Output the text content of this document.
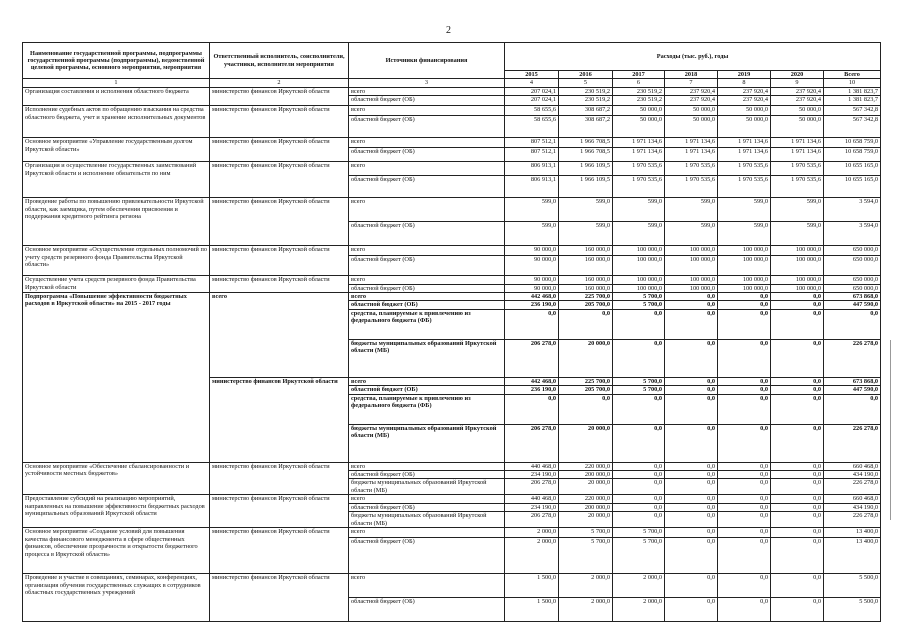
2
Наименование государственной программы, подпрограммы государственной программы (подпрограммы), ведомственной целевой программы, основного мероприятия, мероприятия	Ответственный исполнитель, соисполнители, участники, исполнители мероприятия	Источники финансирования	Расходы (тыс. руб.), годы						
			2015	2016	2017	2018	2019	2020	Всего
1	2	3	4	5	6	7	8	9	10
Организация составления и исполнения областного бюджета	министерство финансов Иркутской области	всего	207 024,1	230 519,2	230 519,2	237 920,4	237 920,4	237 920,4	1 381 823,7
		областной бюджет (ОБ)	207 024,1	230 519,2	230 519,2	237 920,4	237 920,4	237 920,4	1 381 823,7
Исполнение судебных актов по обращению взыскания на средства областного бюджета, учет и хранение исполнительных документов	министерство финансов Иркутской области	всего	58 655,6	308 687,2	50 000,0	50 000,0	50 000,0	50 000,0	567 342,8
		областной бюджет (ОБ)	58 655,6	308 687,2	50 000,0	50 000,0	50 000,0	50 000,0	567 342,8
Основное мероприятие «Управление государственным долгом Иркутской области»	министерство финансов Иркутской области	всего	807 512,1	1 966 708,5	1 971 134,6	1 971 134,6	1 971 134,6	1 971 134,6	10 658 759,0
		областной бюджет (ОБ)	807 512,1	1 966 708,5	1 971 134,6	1 971 134,6	1 971 134,6	1 971 134,6	10 658 759,0
Организация и осуществление государственных заимствований Иркутской области и исполнение обязательств по ним	министерство финансов Иркутской области	всего	806 913,1	1 966 109,5	1 970 535,6	1 970 535,6	1 970 535,6	1 970 535,6	10 655 165,0
		областной бюджет (ОБ)	806 913,1	1 966 109,5	1 970 535,6	1 970 535,6	1 970 535,6	1 970 535,6	10 655 165,0
Проведение работы по повышению привлекательности Иркутской области, как заемщика, путем обеспечения присвоения и поддержания кредитного рейтинга региона	министерство финансов Иркутской области	всего	599,0	599,0	599,0	599,0	599,0	599,0	3 594,0
		областной бюджет (ОБ)	599,0	599,0	599,0	599,0	599,0	599,0	3 594,0
Основное мероприятие «Осуществление отдельных полномочий по учету средств резервного фонда Правительства Иркутской области»	министерство финансов Иркутской области	всего	90 000,0	160 000,0	100 000,0	100 000,0	100 000,0	100 000,0	650 000,0
		областной бюджет (ОБ)	90 000,0	160 000,0	100 000,0	100 000,0	100 000,0	100 000,0	650 000,0
Осуществление учета средств резервного фонда Правительства Иркутской области	министерство финансов Иркутской области	всего	90 000,0	160 000,0	100 000,0	100 000,0	100 000,0	100 000,0	650 000,0
		областной бюджет (ОБ)	90 000,0	160 000,0	100 000,0	100 000,0	100 000,0	100 000,0	650 000,0
Подпрограмма «Повышение эффективности бюджетных расходов в Иркутской области» на 2015 - 2017 годы	всего	всего	442 468,0	225 700,0	5 700,0	0,0	0,0	0,0	673 868,0
		областной бюджет (ОБ)	236 190,0	205 700,0	5 700,0	0,0	0,0	0,0	447 590,0
		средства, планируемые к привлечению из федерального бюджета (ФБ)	0,0	0,0	0,0	0,0	0,0	0,0	0,0
		бюджеты муниципальных образований Иркутской области (МБ)	206 278,0	20 000,0	0,0	0,0	0,0	0,0	226 278,0
	министерство финансов Иркутской области	всего	442 468,0	225 700,0	5 700,0	0,0	0,0	0,0	673 868,0
		областной бюджет (ОБ)	236 190,0	205 700,0	5 700,0	0,0	0,0	0,0	447 590,0
		средства, планируемые к привлечению из федерального бюджета (ФБ)	0,0	0,0	0,0	0,0	0,0	0,0	0,0
		бюджеты муниципальных образований Иркутской области (МБ)	206 278,0	20 000,0	0,0	0,0	0,0	0,0	226 278,0
Основное мероприятие «Обеспечение сбалансированности и устойчивости местных бюджетов»	министерство финансов Иркутской области	всего	440 468,0	220 000,0	0,0	0,0	0,0	0,0	660 468,0
		областной бюджет (ОБ)	234 190,0	200 000,0	0,0	0,0	0,0	0,0	434 190,0
		бюджеты муниципальных образований Иркутской области (МБ)	206 278,0	20 000,0	0,0	0,0	0,0	0,0	226 278,0
Предоставление субсидий на реализацию мероприятий, направленных на повышение эффективности бюджетных расходов муниципальных образований Иркутской области	министерство финансов Иркутской области	всего	440 468,0	220 000,0	0,0	0,0	0,0	0,0	660 468,0
		областной бюджет (ОБ)	234 190,0	200 000,0	0,0	0,0	0,0	0,0	434 190,0
		бюджеты муниципальных образований Иркутской области (МБ)	206 278,0	20 000,0	0,0	0,0	0,0	0,0	226 278,0
Основное мероприятие «Создание условий для повышения качества финансового менеджмента в сфере общественных финансов, обеспечение прозрачности и открытости бюджетного процесса в Иркутской области»	министерство финансов Иркутской области	всего	2 000,0	5 700,0	5 700,0	0,0	0,0	0,0	13 400,0
		областной бюджет (ОБ)	2 000,0	5 700,0	5 700,0	0,0	0,0	0,0	13 400,0
Проведение и участие в совещаниях, семинарах, конференциях, организация обучения государственных служащих в сотрудников областных государственных учреждений	министерство финансов Иркутской области	всего	1 500,0	2 000,0	2 000,0	0,0	0,0	0,0	5 500,0
		областной бюджет (ОБ)	1 500,0	2 000,0	2 000,0	0,0	0,0	0,0	5 500,0
